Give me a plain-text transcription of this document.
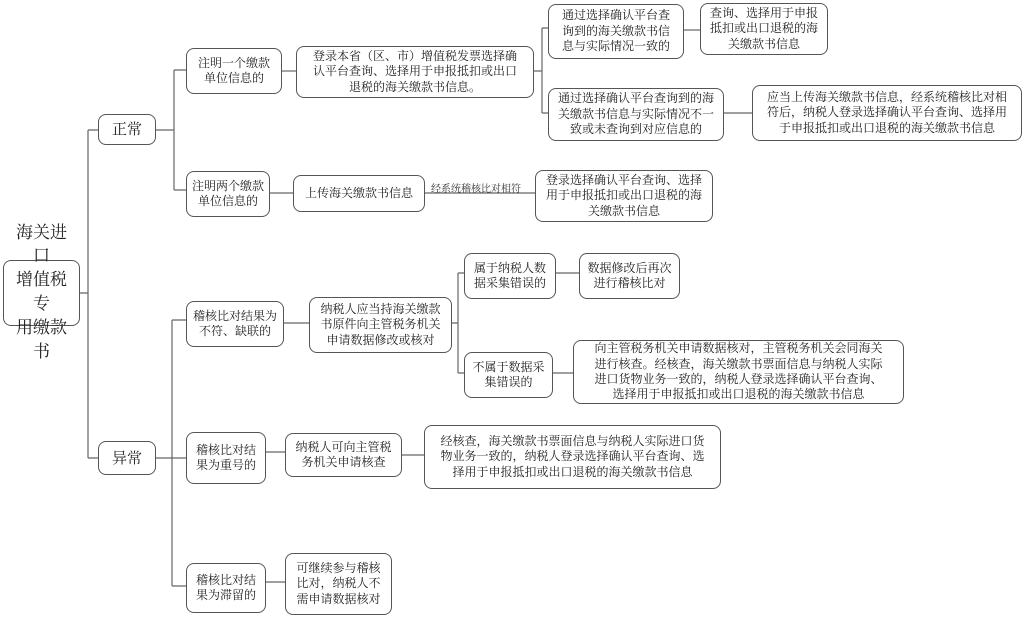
海关进口
增值税专
用缴款书
正常
异常
注明一个缴款
单位信息的
登录本省（区、市）增值税发票选择确
认平台查询、选择用于申报抵扣或出口
退税的海关缴款书信息。
通过选择确认平台查
询到的海关缴款书信
息与实际情况一致的
查询、选择用于申报
抵扣或出口退税的海
关缴款书信息
通过选择确认平台查询到的海
关缴款书信息与实际情况不一
致或未查询到对应信息的
应当上传海关缴款书信息，经系统稽核比对相
符后，纳税人登录选择确认平台查询、选择用
于申报抵扣或出口退税的海关缴款书信息
注明两个缴款
单位信息的
上传海关缴款书信息	经系统稽核比对相符
登录选择确认平台查询、选择
用于申报抵扣或出口退税的海
关缴款书信息
稽核比对结果为
不符、缺联的
纳税人应当持海关缴款
书原件向主管税务机关
申请数据修改或核对
属于纳税人数
据采集错误的
数据修改后再次
进行稽核比对
不属于数据采
集错误的
向主管税务机关申请数据核对，主管税务机关会同海关
进行核查。经核查，海关缴款书票面信息与纳税人实际
进口货物业务一致的，纳税人登录选择确认平台查询、
选择用于申报抵扣或出口退税的海关缴款书信息
稽核比对结
果为重号的
纳税人可向主管税
务机关申请核查
经核查，海关缴款书票面信息与纳税人实际进口货
物业务一致的，纳税人登录选择确认平台查询、选
择用于申报抵扣或出口退税的海关缴款书信息
稽核比对结
果为滞留的
可继续参与稽核
比对，纳税人不
需申请数据核对
